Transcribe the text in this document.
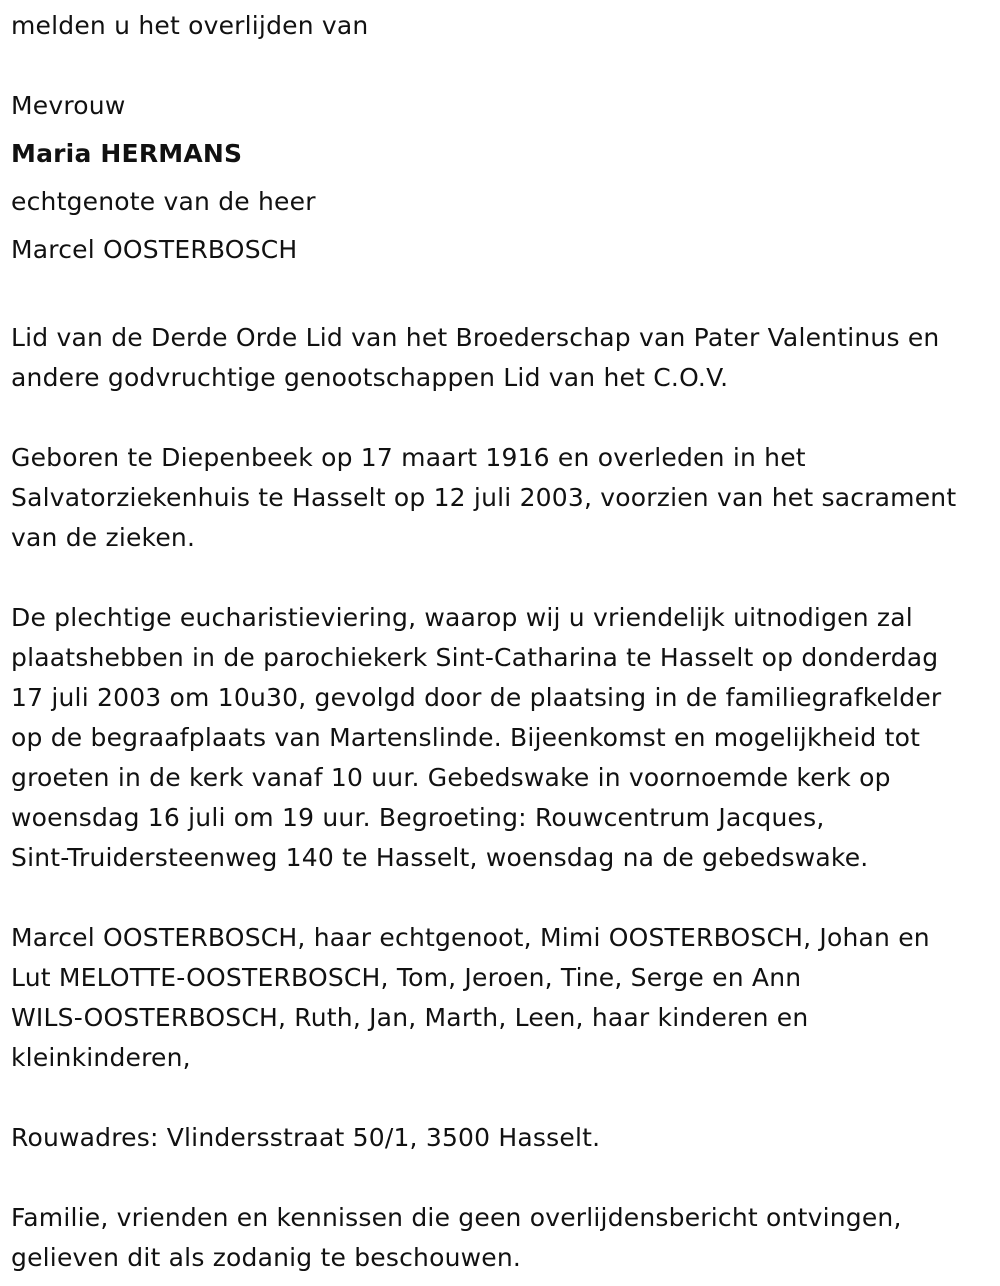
melden u het overlijden van
Mevrouw
Maria HERMANS
echtgenote van de heer
Marcel OOSTERBOSCH
Lid van de Derde Orde Lid van het Broederschap van Pater Valentinus en
andere godvruchtige genootschappen Lid van het C.O.V.
Geboren te Diepenbeek op 17 maart 1916 en overleden in het
Salvatorziekenhuis te Hasselt op 12 juli 2003, voorzien van het sacrament
van de zieken.
De plechtige eucharistieviering, waarop wij u vriendelijk uitnodigen zal
plaatshebben in de parochiekerk Sint-Catharina te Hasselt op donderdag
17 juli 2003 om 10u30, gevolgd door de plaatsing in de familiegrafkelder
op de begraafplaats van Martenslinde. Bijeenkomst en mogelijkheid tot
groeten in de kerk vanaf 10 uur. Gebedswake in voornoemde kerk op
woensdag 16 juli om 19 uur. Begroeting: Rouwcentrum Jacques,
Sint-Truidersteenweg 140 te Hasselt, woensdag na de gebedswake.
Marcel OOSTERBOSCH, haar echtgenoot, Mimi OOSTERBOSCH, Johan en
Lut MELOTTE-OOSTERBOSCH, Tom, Jeroen, Tine, Serge en Ann
WILS-OOSTERBOSCH, Ruth, Jan, Marth, Leen, haar kinderen en
kleinkinderen,
Rouwadres: Vlindersstraat 50/1, 3500 Hasselt.
Familie, vrienden en kennissen die geen overlijdensbericht ontvingen,
gelieven dit als zodanig te beschouwen.
